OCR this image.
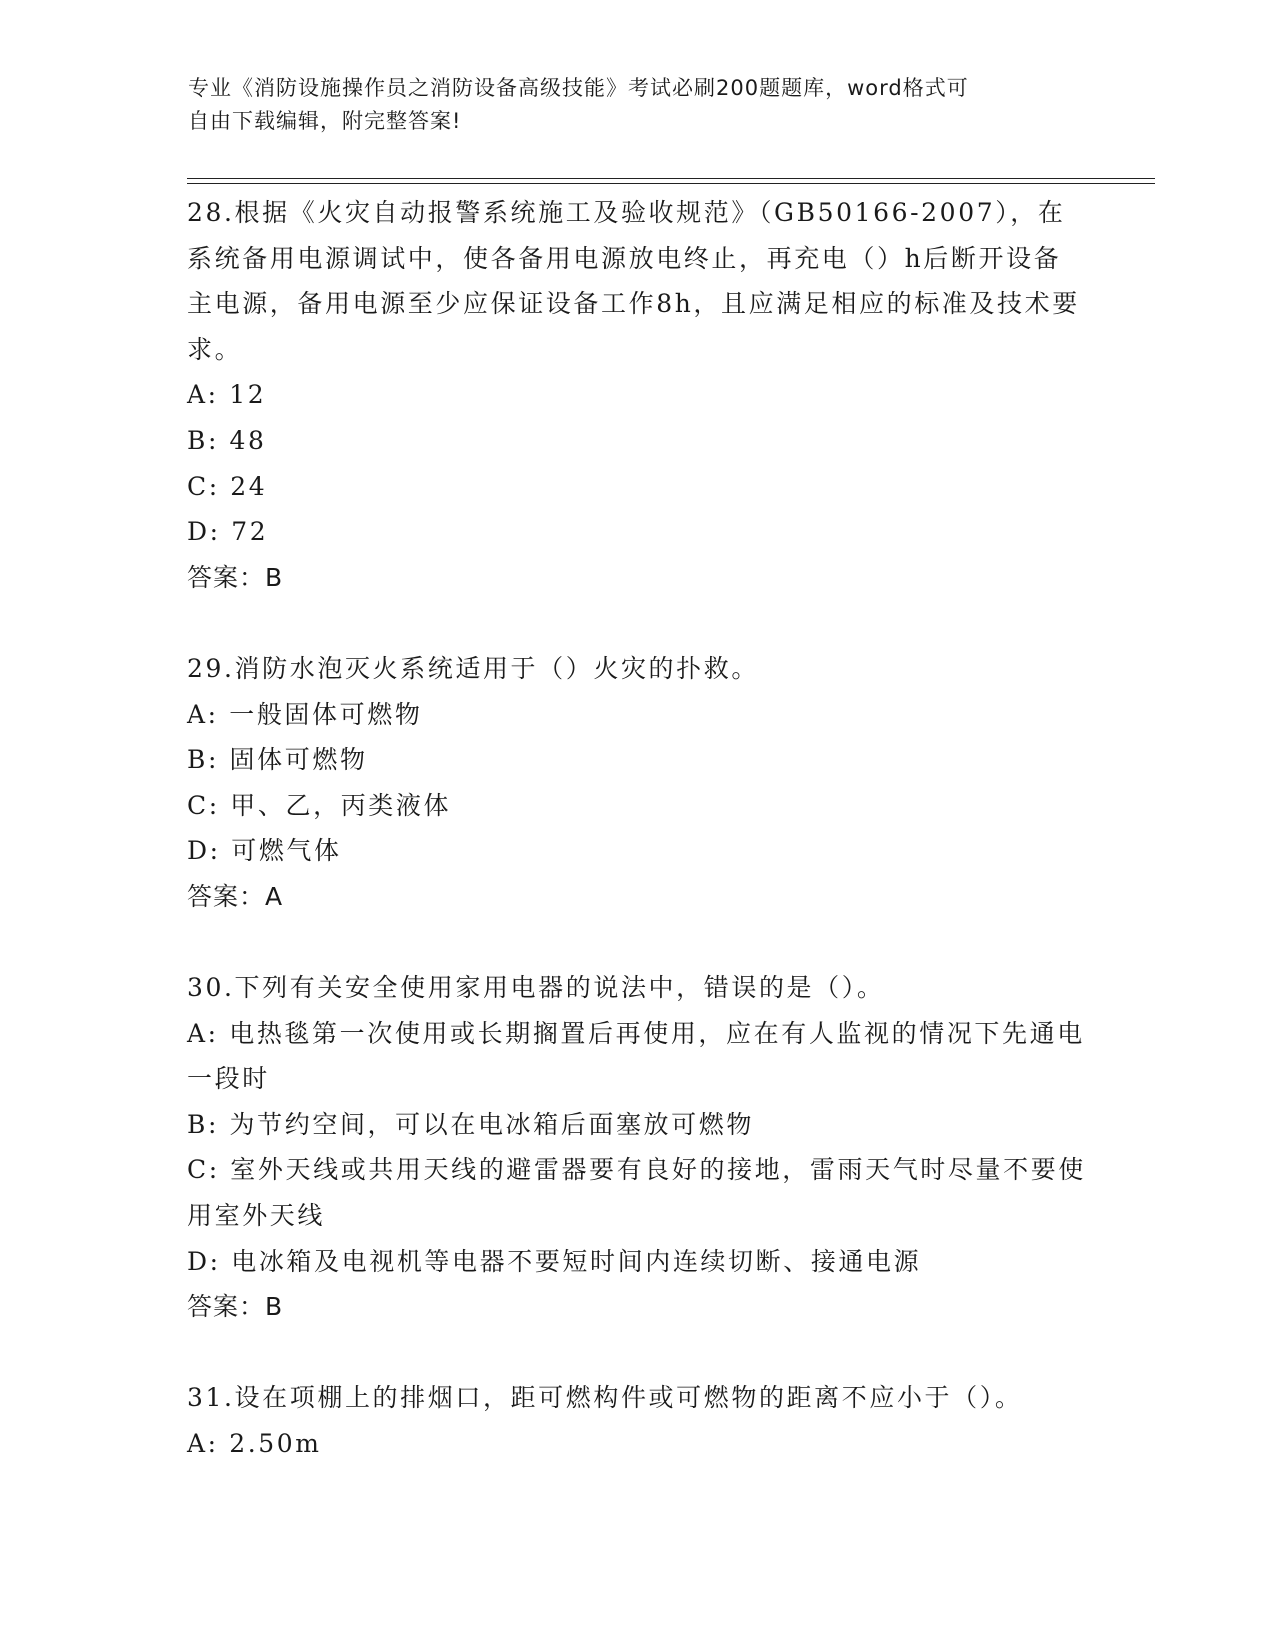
专业《消防设施操作员之消防设备高级技能》考试必刷200题题库，word格式可
自由下载编辑，附完整答案!

28.根据《火灾自动报警系统施工及验收规范》（GB50166-2007），在系统备用电源调试中，使各备用电源放电终止，再充电（）h后断开设备主电源，备用电源至少应保证设备工作8h，且应满足相应的标准及技术要求。

A: 12

B: 48

C: 24

D: 72

答案：B

29.消防水泡灭火系统适用于（）火灾的扑救。

A: 一般固体可燃物

B: 固体可燃物

C: 甲、乙，丙类液体

D: 可燃气体

答案：A

30.下列有关安全使用家用电器的说法中，错误的是（）。

A: 电热毯第一次使用或长期搁置后再使用，应在有人监视的情况下先通电一段时

B: 为节约空间，可以在电冰箱后面塞放可燃物

C: 室外天线或共用天线的避雷器要有良好的接地，雷雨天气时尽量不要使用室外天线

D: 电冰箱及电视机等电器不要短时间内连续切断、接通电源

答案：B

31.设在项棚上的排烟口，距可燃构件或可燃物的距离不应小于（）。

A: 2.50m
